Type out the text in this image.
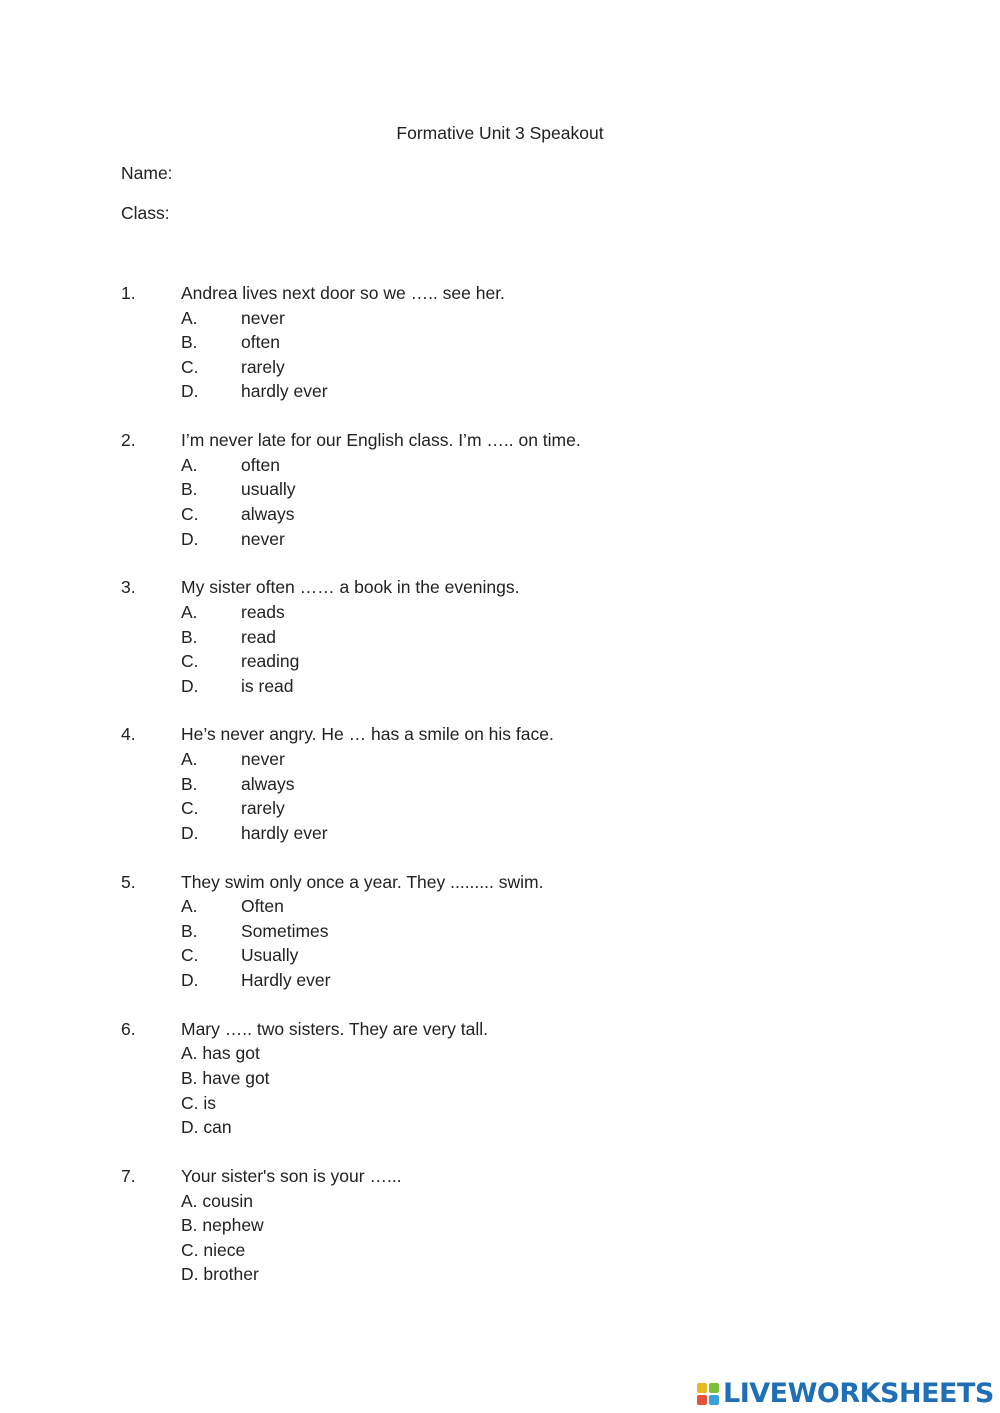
Formative Unit 3 Speakout
Name:
Class:
1.	Andrea lives next door so we ….. see her.
A. never
B. often
C. rarely
D. hardly ever
2.	I’m never late for our English class. I’m ….. on time.
A. often
B. usually
C. always
D. never
3.	My sister often …… a book in the evenings.
A. reads
B. read
C. reading
D. is read
4.	He’s never angry. He … has a smile on his face.
A. never
B. always
C. rarely
D. hardly ever
5.	They swim only once a year. They ......... swim.
A. Often
B. Sometimes
C. Usually
D. Hardly ever
6.	Mary ….. two sisters. They are very tall.
A. has got
B. have got
C. is
D. can
7.	Your sister's son is your …...
A. cousin
B. nephew
C. niece
D. brother
LIVEWORKSHEETS
